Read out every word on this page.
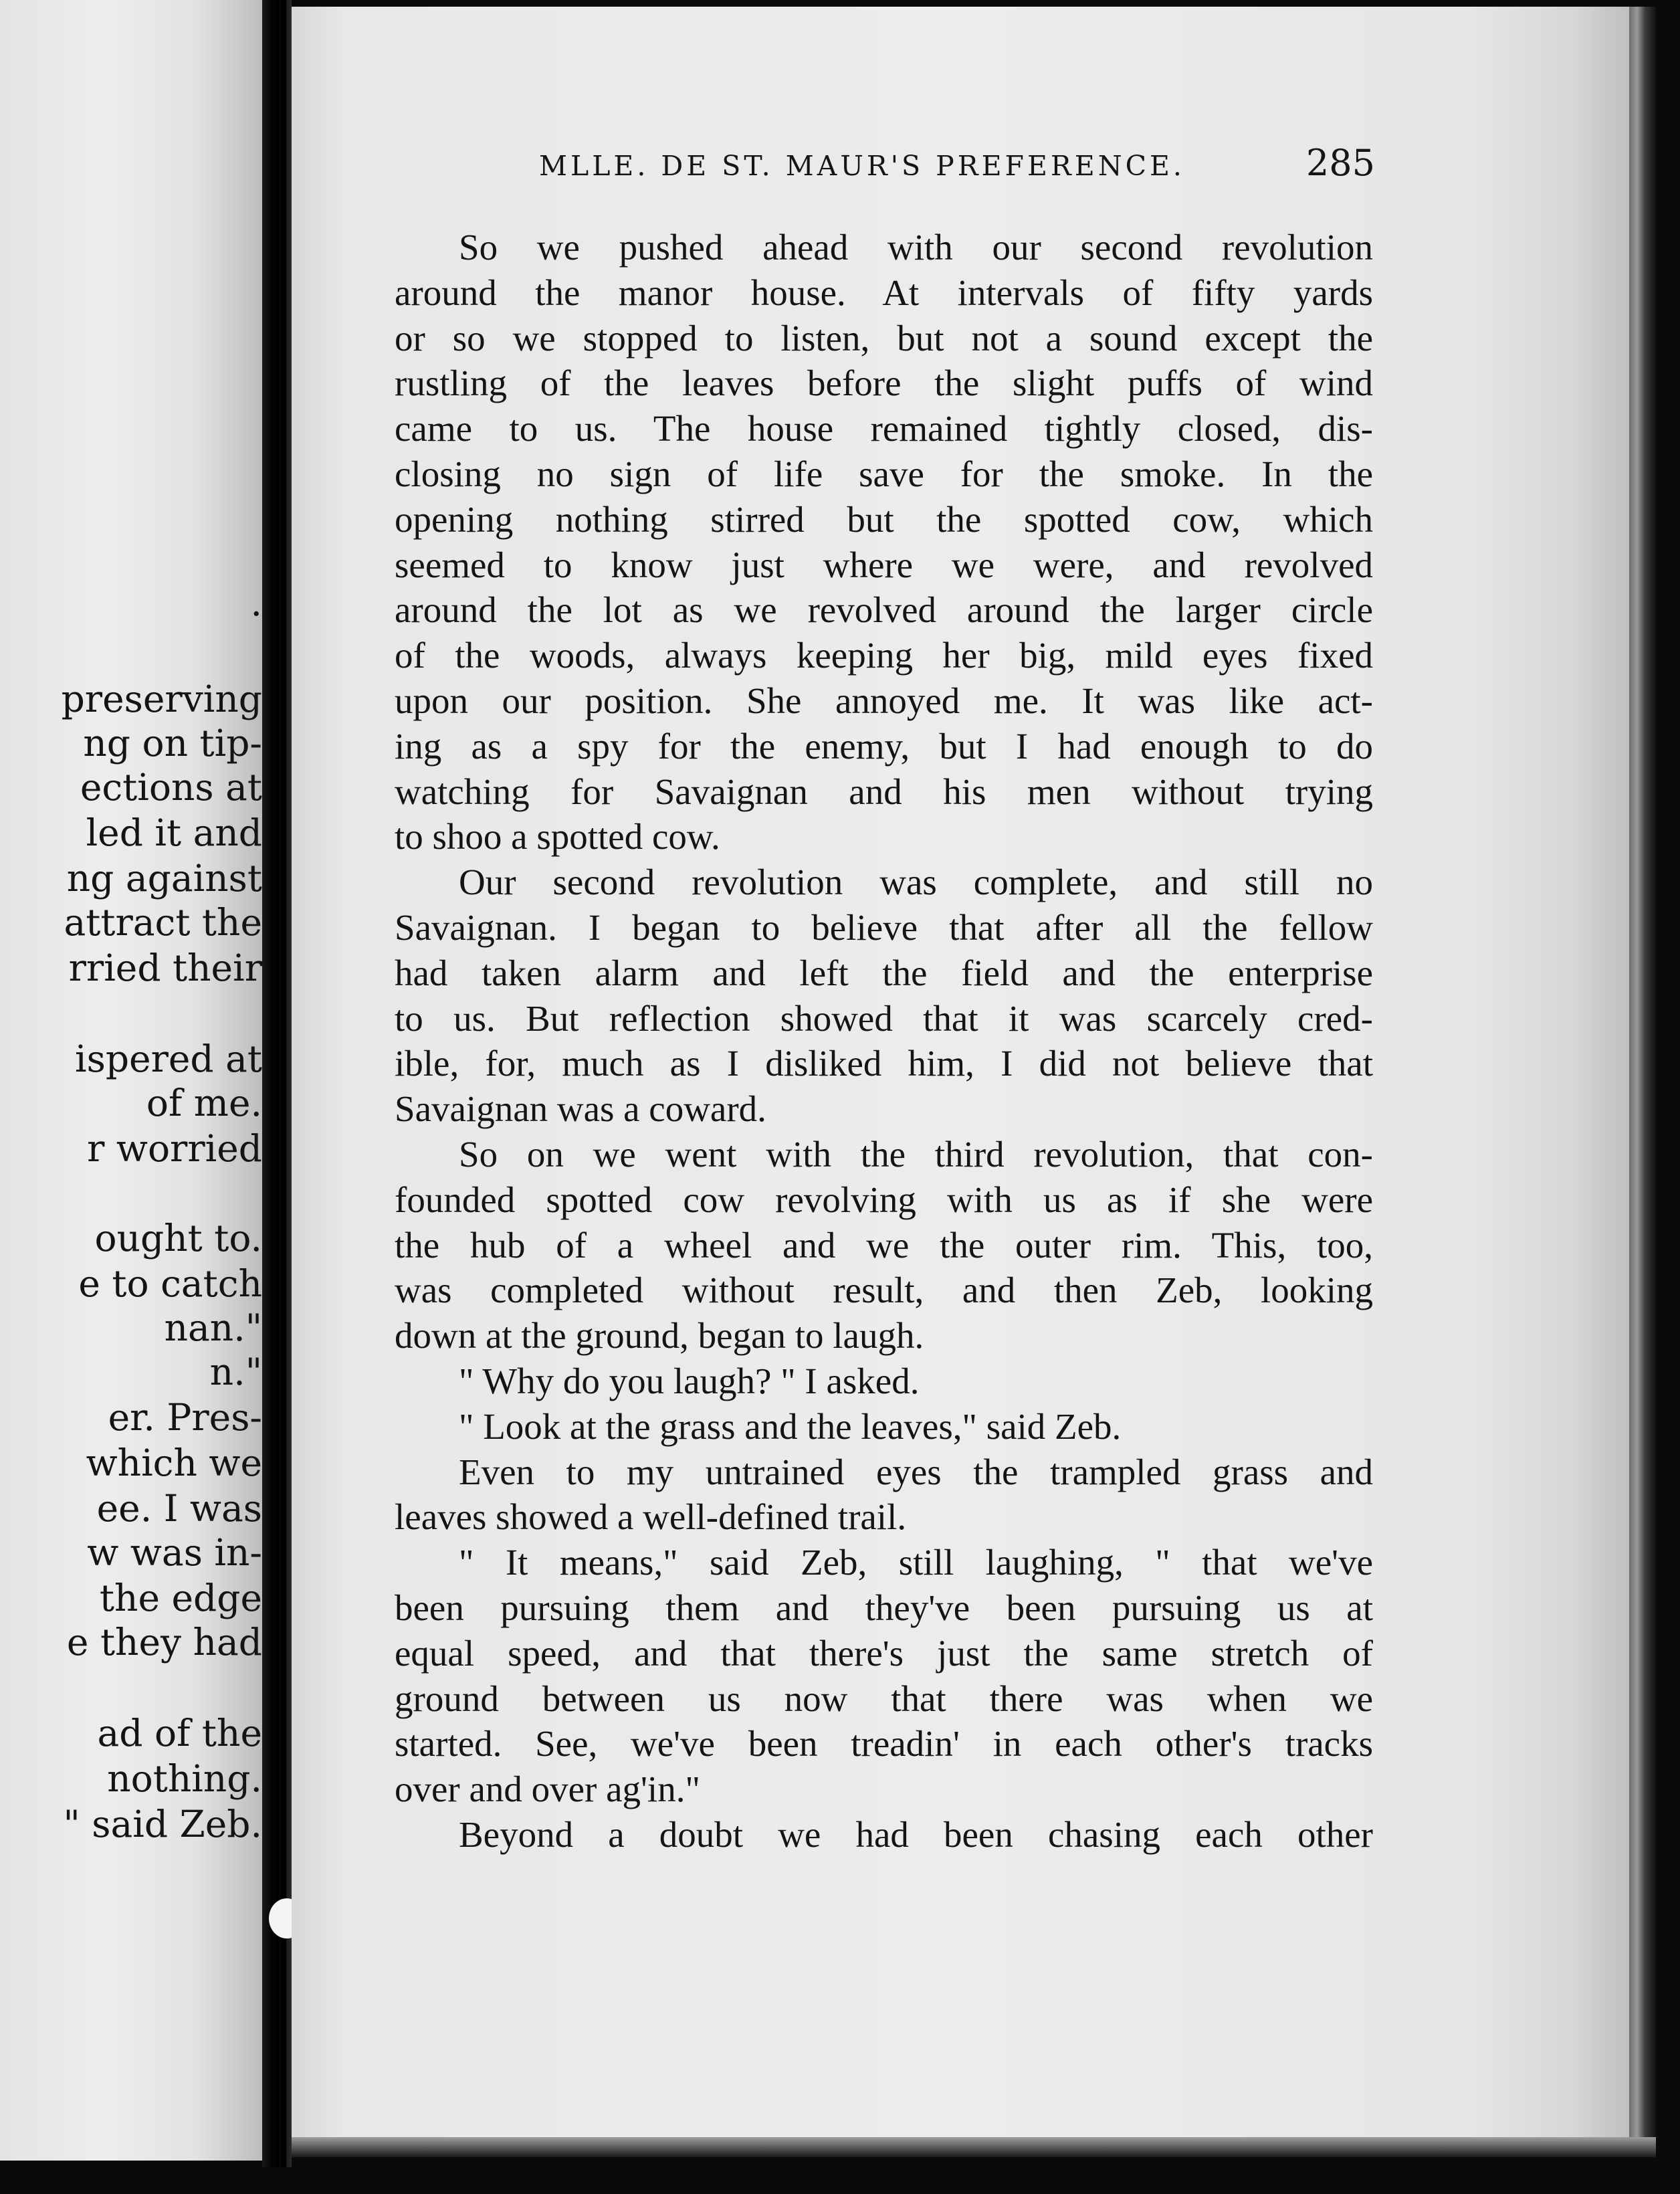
.
preserving
ng on tip-
ections at
led it and
ng against
attract the
rried their
ispered at
of me.
r worried
ought to.
e to catch
nan."
n."
er. Pres-
which we
ee. I was
w was in-
the edge
e they had
ad of the
nothing.
" said Zeb.
MLLE. DE ST. MAUR'S PREFERENCE.	285
So we pushed ahead with our second revolution
around the manor house. At intervals of fifty yards
or so we stopped to listen, but not a sound except the
rustling of the leaves before the slight puffs of wind
came to us. The house remained tightly closed, dis-
closing no sign of life save for the smoke. In the
opening nothing stirred but the spotted cow, which
seemed to know just where we were, and revolved
around the lot as we revolved around the larger circle
of the woods, always keeping her big, mild eyes fixed
upon our position. She annoyed me. It was like act-
ing as a spy for the enemy, but I had enough to do
watching for Savaignan and his men without trying
to shoo a spotted cow.
Our second revolution was complete, and still no
Savaignan. I began to believe that after all the fellow
had taken alarm and left the field and the enterprise
to us. But reflection showed that it was scarcely cred-
ible, for, much as I disliked him, I did not believe that
Savaignan was a coward.
So on we went with the third revolution, that con-
founded spotted cow revolving with us as if she were
the hub of a wheel and we the outer rim. This, too,
was completed without result, and then Zeb, looking
down at the ground, began to laugh.
" Why do you laugh? " I asked.
" Look at the grass and the leaves," said Zeb.
Even to my untrained eyes the trampled grass and
leaves showed a well-defined trail.
" It means," said Zeb, still laughing, " that we've
been pursuing them and they've been pursuing us at
equal speed, and that there's just the same stretch of
ground between us now that there was when we
started. See, we've been treadin' in each other's tracks
over and over ag'in."
Beyond a doubt we had been chasing each other
